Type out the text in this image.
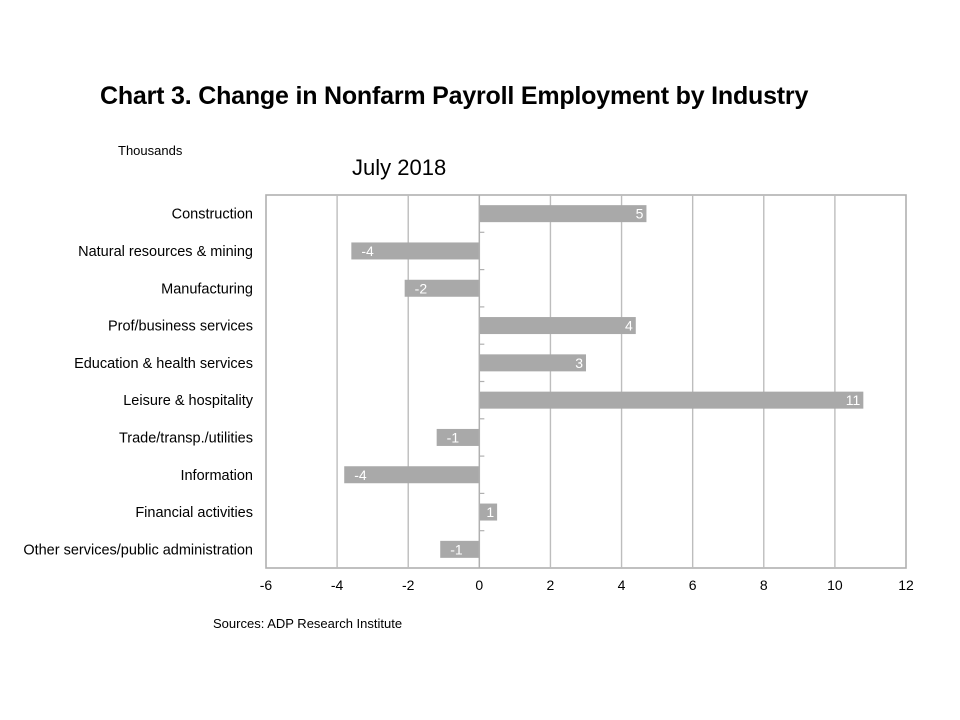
Chart 3. Change in Nonfarm Payroll Employment by Industry
Thousands
July 2018
-6	-4	-2	0	2	4	6	8	10	12
5
Construction
-4
Natural resources & mining
-2
Manufacturing
4
Prof/business services
3
Education & health services
11
Leisure & hospitality
-1
Trade/transp./utilities
-4
Information
1
Financial activities
-1
Other services/public administration
Sources: ADP Research Institute
